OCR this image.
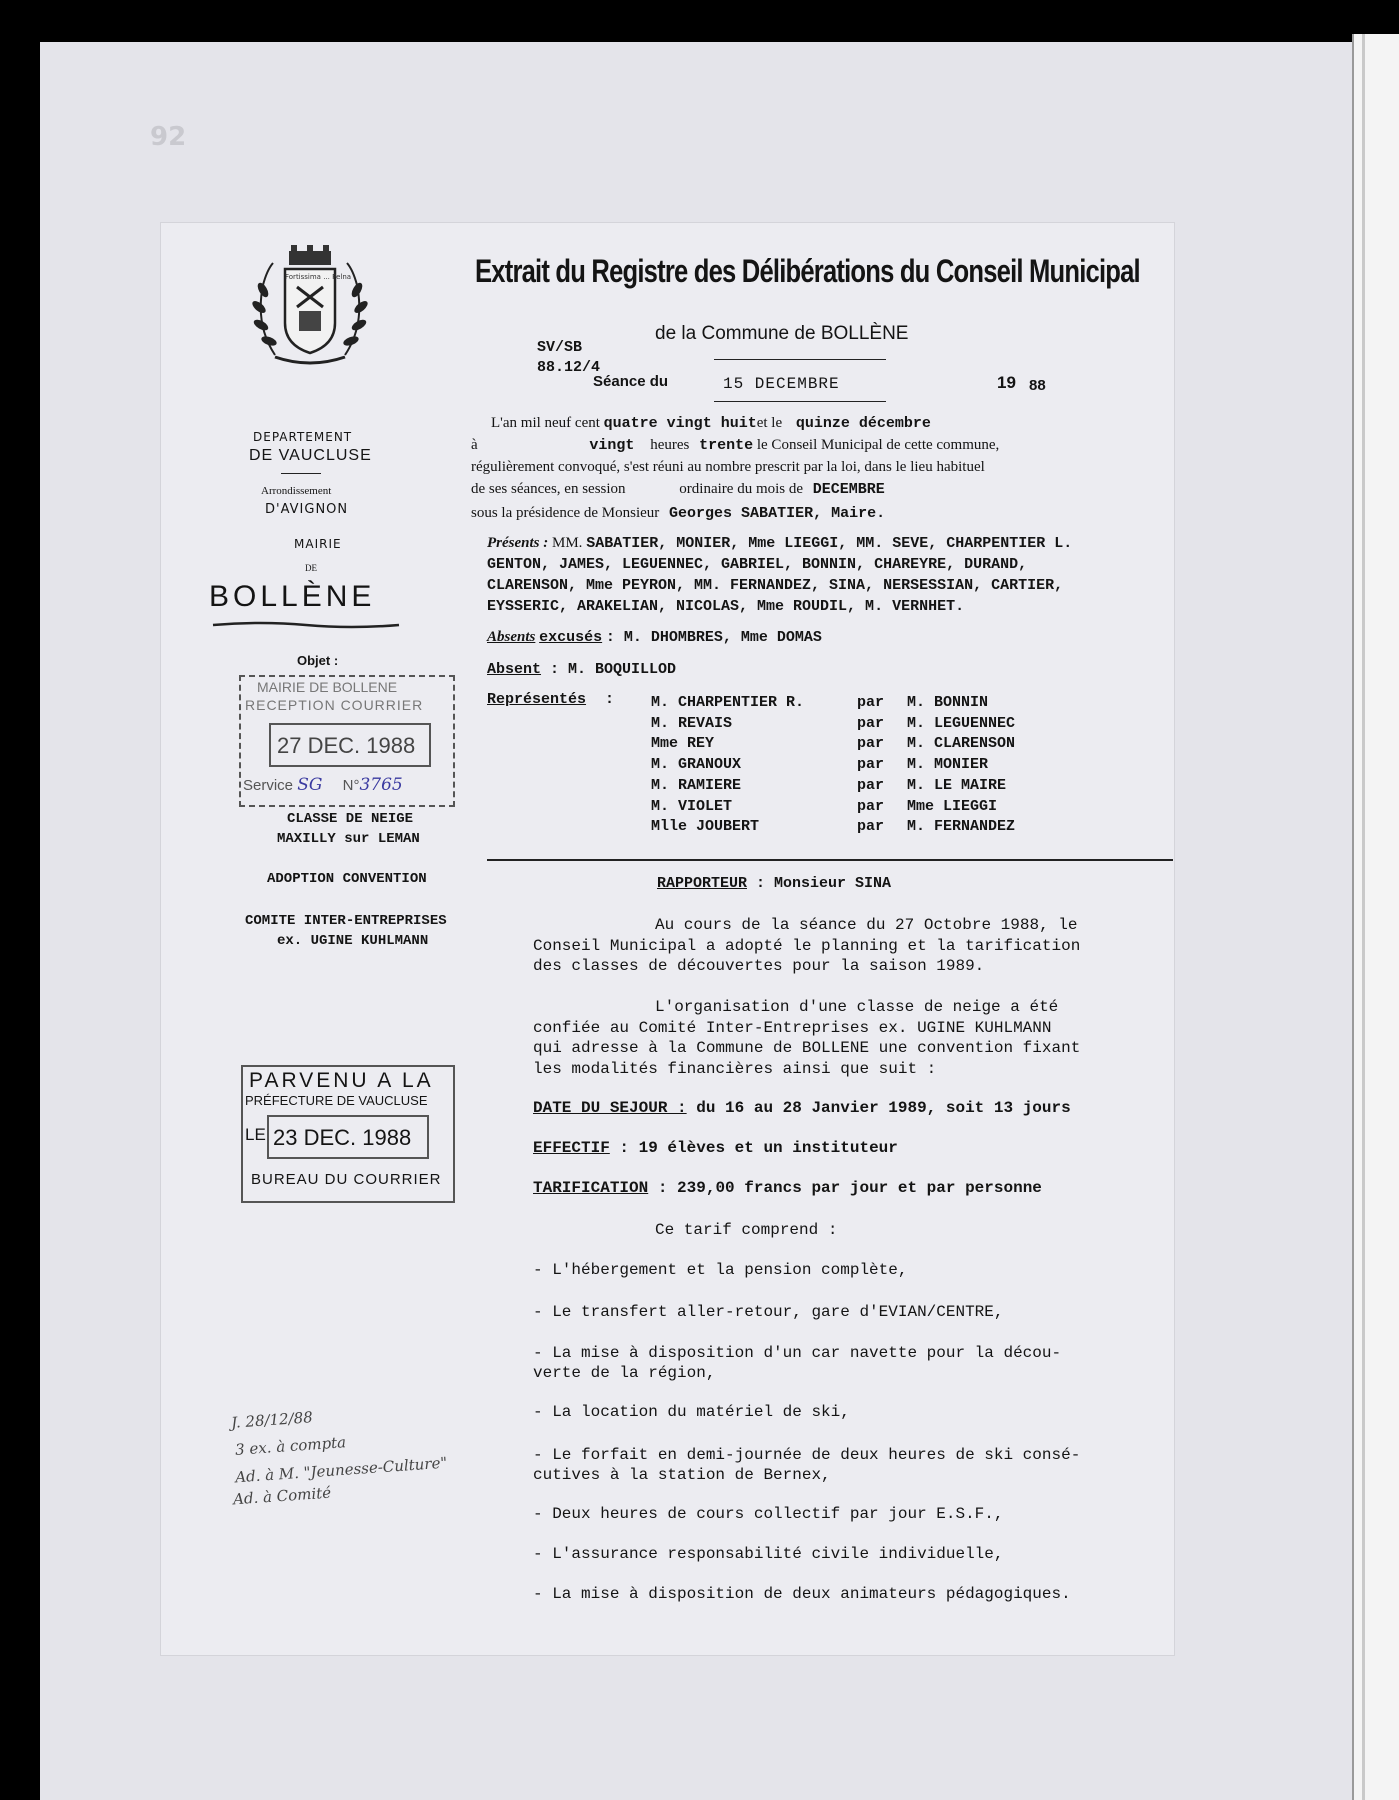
92
Fortissima ... Pelna
DEPARTEMENT
DE VAUCLUSE
Arrondissement
D'AVIGNON
MAIRIE
DE
BOLLÈNE
Objet :
Extrait du Registre des Délibérations du Conseil Municipal
de la Commune de BOLLÈNE
SV/SB
88.12/4
Séance du	15 DECEMBRE	19 88
L'an mil neuf cent quatre vingt huitet le quinze décembre
à	vingt heures trente le Conseil Municipal de cette commune,
régulièrement convoqué, s'est réuni au nombre prescrit par la loi, dans le lieu habituel
de ses séances, en session	ordinaire du mois de DECEMBRE
sous la présidence de Monsieur Georges SABATIER, Maire.
Présents : MM. SABATIER, MONIER, Mme LIEGGI, MM. SEVE, CHARPENTIER L.
GENTON, JAMES, LEGUENNEC, GABRIEL, BONNIN, CHAREYRE, DURAND,
CLARENSON, Mme PEYRON, MM. FERNANDEZ, SINA, NERSESSIAN, CARTIER,
EYSSERIC, ARAKELIAN, NICOLAS, Mme ROUDIL, M. VERNHET.
Absents excusés : M. DHOMBRES, Mme DOMAS
Absent : M. BOQUILLOD
Représentés : M. CHARPENTIER R.	par	M. BONNIN
M. REVAIS	par	M. LEGUENNEC
Mme REY	par	M. CLARENSON
M. GRANOUX	par	M. MONIER
M. RAMIERE	par	M. LE MAIRE
M. VIOLET	par	Mme LIEGGI
Mlle JOUBERT	par	M. FERNANDEZ
MAIRIE DE BOLLENE
RECEPTION COURRIER
27 DEC. 1988
Service SG N°3765
CLASSE DE NEIGE
MAXILLY sur LEMAN
ADOPTION CONVENTION
COMITE INTER-ENTREPRISES
ex. UGINE KUHLMANN
PARVENU A LA
PRÉFECTURE DE VAUCLUSE
LE 23 DEC. 1988
BUREAU DU COURRIER
J. 28/12/88
3 ex. à compta
Ad. à M. "Jeunesse-Culture"
Ad. à Comité
RAPPORTEUR : Monsieur SINA
Au cours de la séance du 27 Octobre 1988, le
Conseil Municipal a adopté le planning et la tarification
des classes de découvertes pour la saison 1989.
L'organisation d'une classe de neige a été
confiée au Comité Inter-Entreprises ex. UGINE KUHLMANN
qui adresse à la Commune de BOLLENE une convention fixant
les modalités financières ainsi que suit :
DATE DU SEJOUR : du 16 au 28 Janvier 1989, soit 13 jours
EFFECTIF : 19 élèves et un instituteur
TARIFICATION : 239,00 francs par jour et par personne
Ce tarif comprend :
- L'hébergement et la pension complète,
- Le transfert aller-retour, gare d'EVIAN/CENTRE,
- La mise à disposition d'un car navette pour la décou-
verte de la région,
- La location du matériel de ski,
- Le forfait en demi-journée de deux heures de ski consé-
cutives à la station de Bernex,
- Deux heures de cours collectif par jour E.S.F.,
- L'assurance responsabilité civile individuelle,
- La mise à disposition de deux animateurs pédagogiques.
